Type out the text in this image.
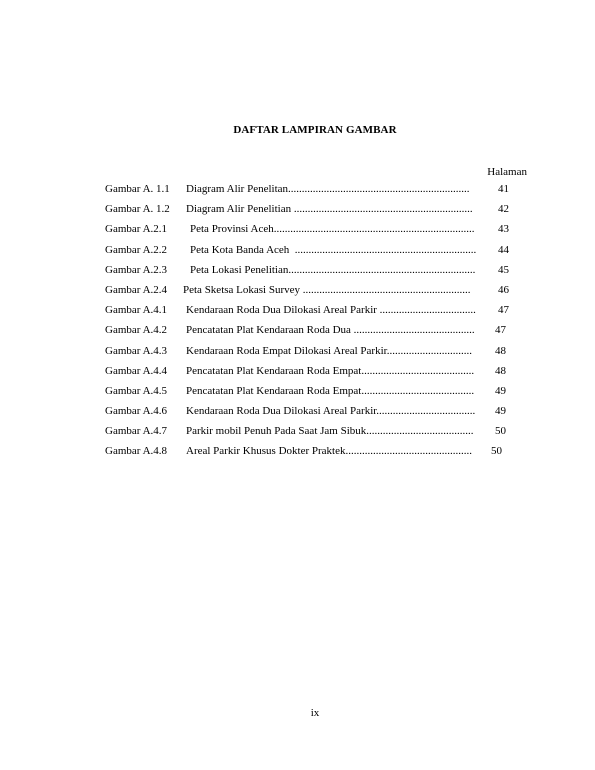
DAFTAR LAMPIRAN GAMBAR
Halaman
Gambar A. 1.1 Diagram Alir Penelitan..................................................................	41
Gambar A. 1.2 Diagram Alir Penelitian .................................................................	42
Gambar A.2.1 Peta Provinsi Aceh.........................................................................	43
Gambar A.2.2 Peta Kota Banda Aceh  ..................................................................	44
Gambar A.2.3 Peta Lokasi Penelitian....................................................................	45
Gambar A.2.4 Peta Sketsa Lokasi Survey .............................................................	46
Gambar A.4.1 Kendaraan Roda Dua Dilokasi Areal Parkir ...................................	47
Gambar A.4.2 Pencatatan Plat Kendaraan Roda Dua ............................................	47
Gambar A.4.3 Kendaraan Roda Empat Dilokasi Areal Parkir...............................	48
Gambar A.4.4 Pencatatan Plat Kendaraan Roda Empat.........................................	48
Gambar A.4.5 Pencatatan Plat Kendaraan Roda Empat.........................................	49
Gambar A.4.6 Kendaraan Roda Dua Dilokasi Areal Parkir....................................	49
Gambar A.4.7 Parkir mobil Penuh Pada Saat Jam Sibuk.......................................	50
Gambar A.4.8 Areal Parkir Khusus Dokter Praktek..............................................	50
ix
